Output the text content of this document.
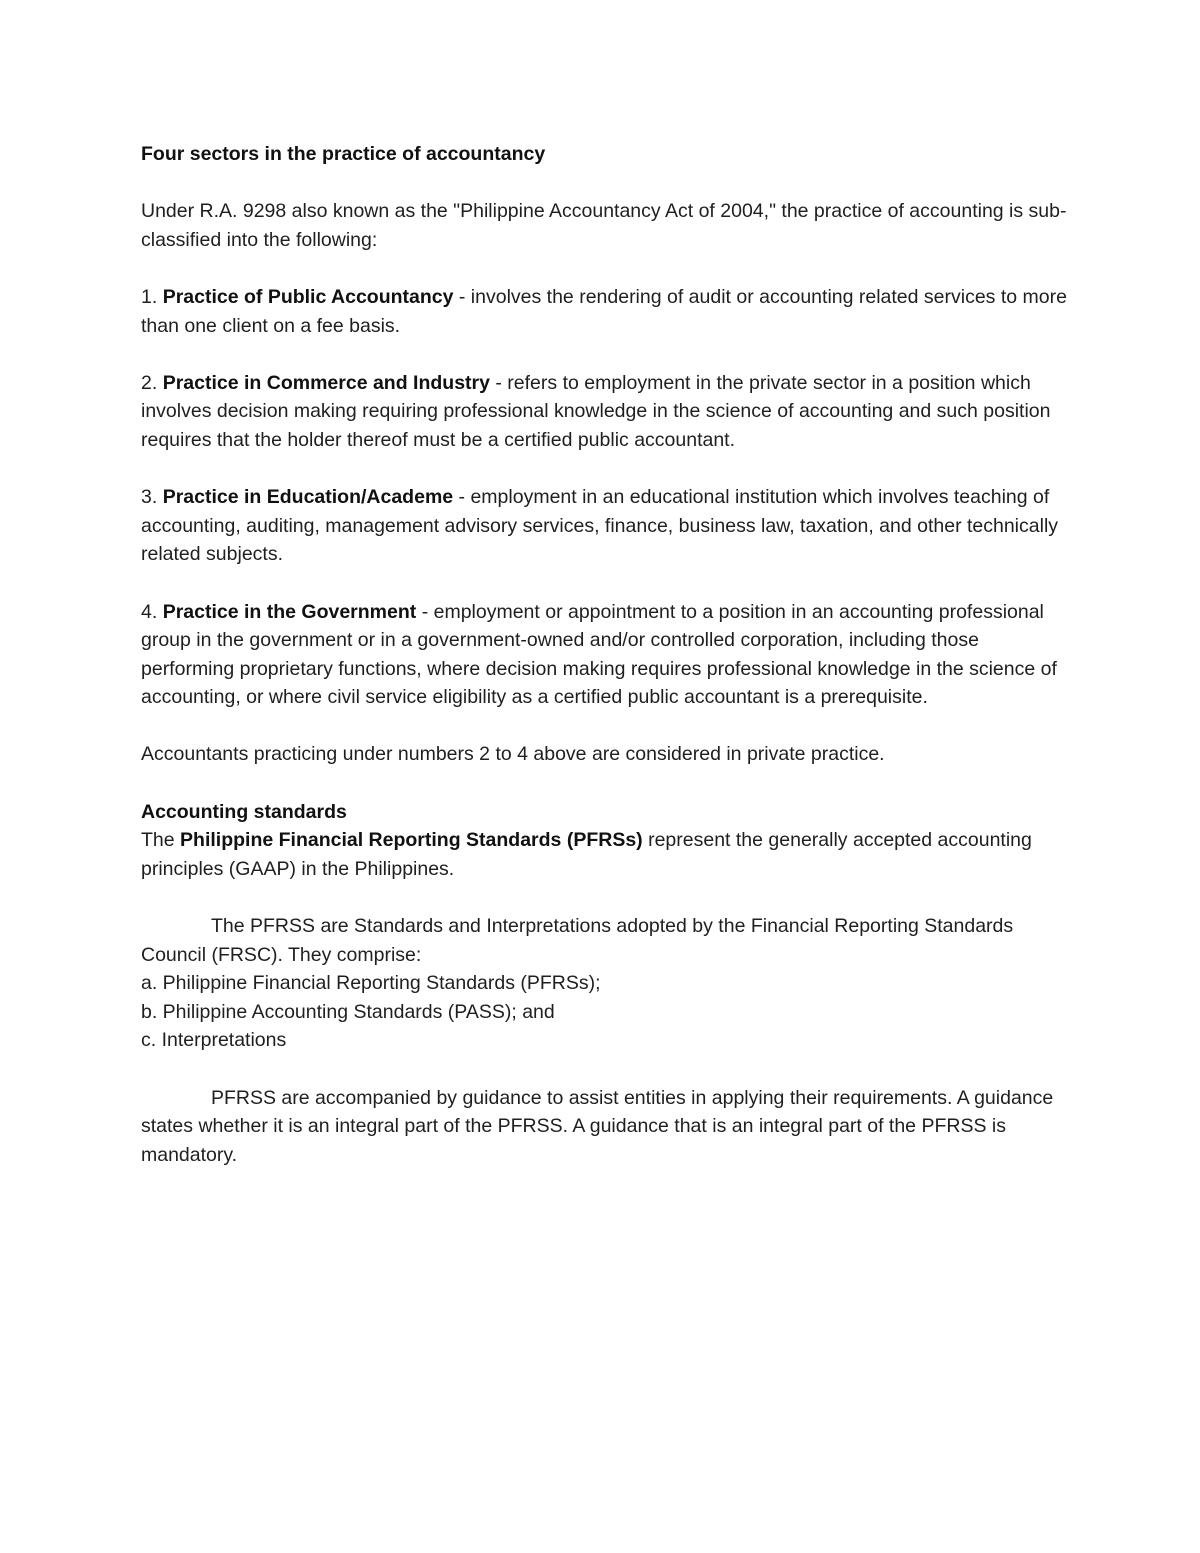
Four sectors in the practice of accountancy

Under R.A. 9298 also known as the "Philippine Accountancy Act of 2004," the practice of accounting is sub-classified into the following:

1. Practice of Public Accountancy - involves the rendering of audit or accounting related services to more than one client on a fee basis.

2. Practice in Commerce and Industry - refers to employment in the private sector in a position which involves decision making requiring professional knowledge in the science of accounting and such position requires that the holder thereof must be a certified public accountant.

3. Practice in Education/Academe - employment in an educational institution which involves teaching of accounting, auditing, management advisory services, finance, business law, taxation, and other technically related subjects.

4. Practice in the Government - employment or appointment to a position in an accounting professional group in the government or in a government-owned and/or controlled corporation, including those performing proprietary functions, where decision making requires professional knowledge in the science of accounting, or where civil service eligibility as a certified public accountant is a prerequisite.

Accountants practicing under numbers 2 to 4 above are considered in private practice.

Accounting standards

The Philippine Financial Reporting Standards (PFRSs) represent the generally accepted accounting principles (GAAP) in the Philippines.

The PFRSS are Standards and Interpretations adopted by the Financial Reporting Standards Council (FRSC). They comprise:

a. Philippine Financial Reporting Standards (PFRSs);

b. Philippine Accounting Standards (PASS); and

c. Interpretations

PFRSS are accompanied by guidance to assist entities in applying their requirements. A guidance states whether it is an integral part of the PFRSS. A guidance that is an integral part of the PFRSS is mandatory.
